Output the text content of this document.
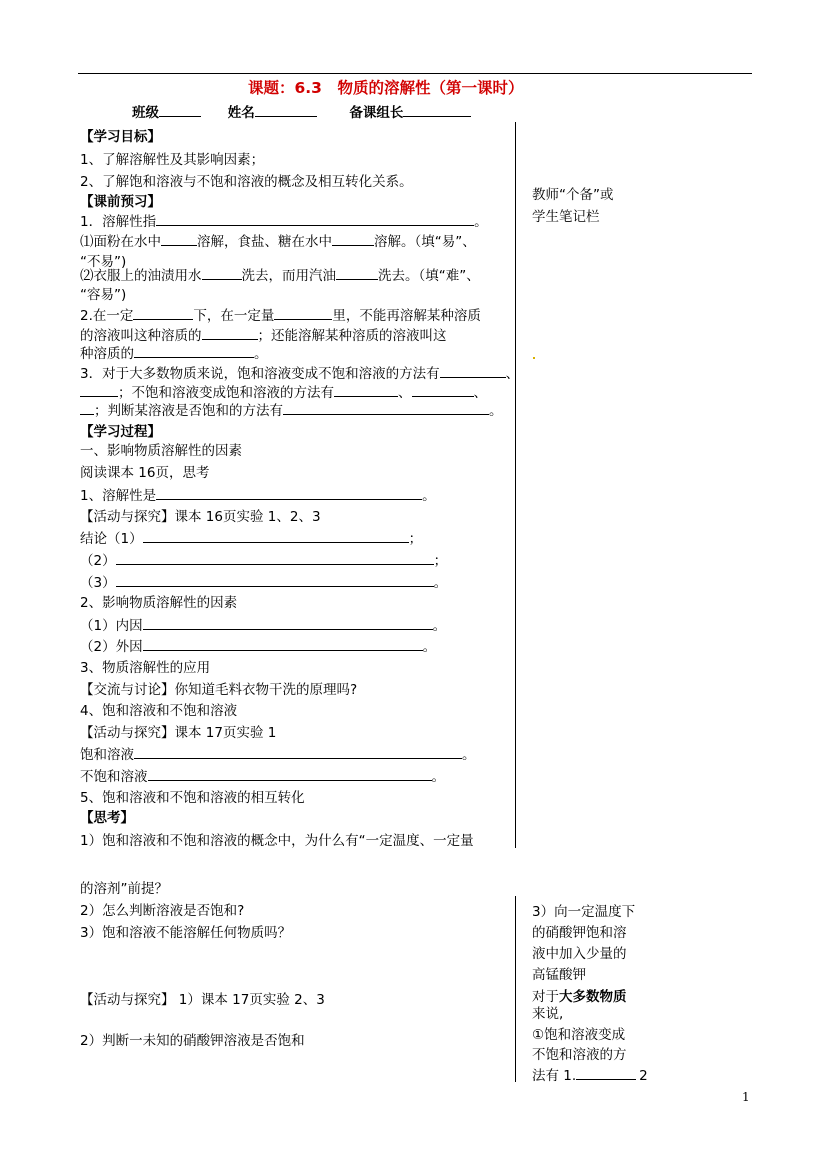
课题：6.3　物质的溶解性（第一课时）
班级	姓名	备课组长
教师“个备”或
学生笔记栏
【学习目标】
1、了解溶解性及其影响因素；
2、了解饱和溶液与不饱和溶液的概念及相互转化关系。
【课前预习】
1．溶解性指	。
⑴面粉在水中	溶解，食盐、糖在水中	溶解。（填“易”、
“不易”)
⑵衣服上的油渍用水	洗去，而用汽油	洗去。（填“难”、
“容易”)
2.在一定	下，在一定量	里，不能再溶解某种溶质
的溶液叫这种溶质的	；还能溶解某种溶质的溶液叫这
种溶质的	。
3．对于大多数物质来说，饱和溶液变成不饱和溶液的方法有	、
；不饱和溶液变成饱和溶液的方法有	、	、
；判断某溶液是否饱和的方法有	。
【学习过程】
一、影响物质溶解性的因素
阅读课本 16页，思考
1、溶解性是	。
【活动与探究】课本 16页实验 1、2、3
结论（1）	；
（2）	；
（3）	。
2、影响物质溶解性的因素
（1）内因	。
（2）外因	。
3、物质溶解性的应用
【交流与讨论】你知道毛料衣物干洗的原理吗?
4、饱和溶液和不饱和溶液
【活动与探究】课本 17页实验 1
饱和溶液	。
不饱和溶液	。
5、饱和溶液和不饱和溶液的相互转化
【思考】
1）饱和溶液和不饱和溶液的概念中，为什么有“一定温度、一定量
的溶剂”前提？
2）怎么判断溶液是否饱和?
3）饱和溶液不能溶解任何物质吗？
【活动与探究】 1）课本 17页实验 2、3
2）判断一未知的硝酸钾溶液是否饱和
3）向一定温度下
的硝酸钾饱和溶
液中加入少量的
高锰酸钾
对于大多数物质
来说,
①饱和溶液变成
不饱和溶液的方
法有 1.	2
1
